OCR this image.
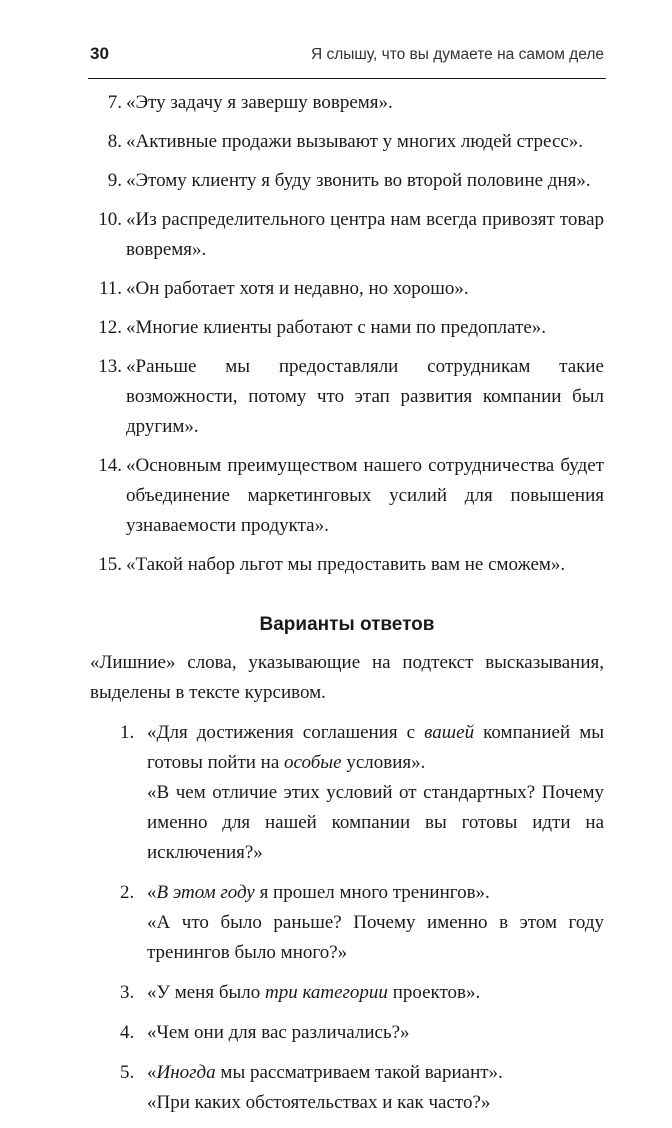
30	Я слышу, что вы думаете на самом деле
7. «Эту задачу я завершу вовремя».
8. «Активные продажи вызывают у многих людей стресс».
9. «Этому клиенту я буду звонить во второй половине дня».
10. «Из распределительного центра нам всегда привозят товар вовремя».
11. «Он работает хотя и недавно, но хорошо».
12. «Многие клиенты работают с нами по предоплате».
13. «Раньше мы предоставляли сотрудникам такие возможности, потому что этап развития компании был другим».
14. «Основным преимуществом нашего сотрудничества будет объединение маркетинговых усилий для повышения узнаваемости продукта».
15. «Такой набор льгот мы предоставить вам не сможем».
Варианты ответов

«Лишние» слова, указывающие на подтекст высказывания, выделены в тексте курсивом.

1. «Для достижения соглашения с вашей компанией мы готовы пойти на особые условия».
«В чем отличие этих условий от стандартных? Почему именно для нашей компании вы готовы идти на исключения?»
2. «В этом году я прошел много тренингов».
«А что было раньше? Почему именно в этом году тренингов было много?»
3. «У меня было три категории проектов».
4. «Чем они для вас различались?»
5. «Иногда мы рассматриваем такой вариант».
«При каких обстоятельствах и как часто?»
